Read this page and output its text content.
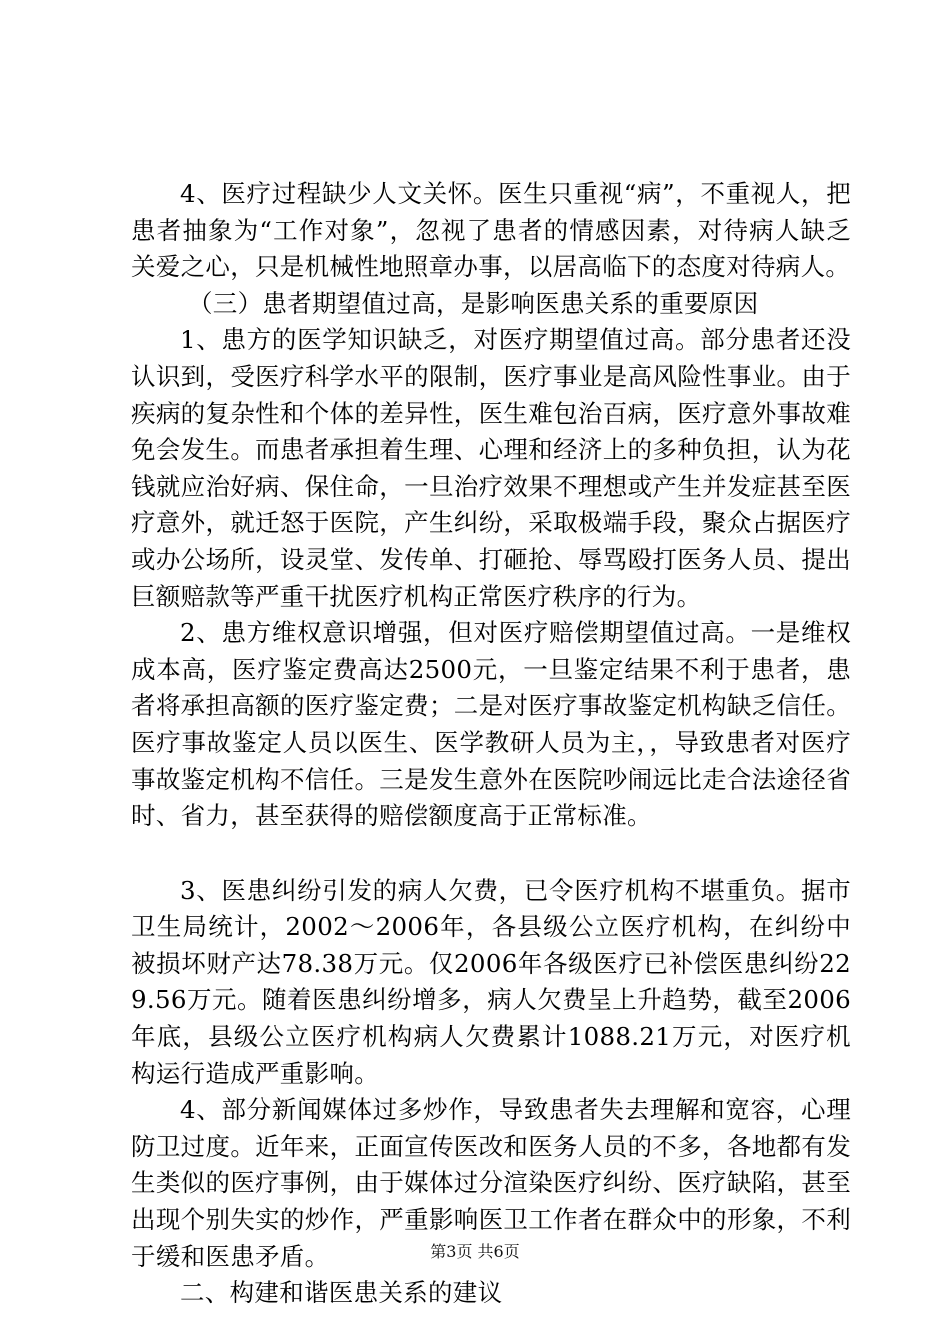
4、医疗过程缺少人文关怀。医生只重视“病”，不重视人，把患者抽象为“工作对象”，忽视了患者的情感因素，对待病人缺乏关爱之心，只是机械性地照章办事，以居高临下的态度对待病人。

（三）患者期望值过高，是影响医患关系的重要原因

1、患方的医学知识缺乏，对医疗期望值过高。部分患者还没认识到，受医疗科学水平的限制，医疗事业是高风险性事业。由于疾病的复杂性和个体的差异性，医生难包治百病，医疗意外事故难免会发生。而患者承担着生理、心理和经济上的多种负担，认为花钱就应治好病、保住命，一旦治疗效果不理想或产生并发症甚至医疗意外，就迁怒于医院，产生纠纷，采取极端手段，聚众占据医疗或办公场所，设灵堂、发传单、打砸抢、辱骂殴打医务人员、提出巨额赔款等严重干扰医疗机构正常医疗秩序的行为。

2、患方维权意识增强，但对医疗赔偿期望值过高。一是维权成本高，医疗鉴定费高达2500元，一旦鉴定结果不利于患者，患者将承担高额的医疗鉴定费；二是对医疗事故鉴定机构缺乏信任。医疗事故鉴定人员以医生、医学教研人员为主，，导致患者对医疗事故鉴定机构不信任。三是发生意外在医院吵闹远比走合法途径省时、省力，甚至获得的赔偿额度高于正常标准。

3、医患纠纷引发的病人欠费，已令医疗机构不堪重负。据市卫生局统计，2002～2006年，各县级公立医疗机构，在纠纷中被损坏财产达78.38万元。仅2006年各级医疗已补偿医患纠纷229.56万元。随着医患纠纷增多，病人欠费呈上升趋势，截至2006年底，县级公立医疗机构病人欠费累计1088.21万元，对医疗机构运行造成严重影响。

4、部分新闻媒体过多炒作，导致患者失去理解和宽容，心理防卫过度。近年来，正面宣传医改和医务人员的不多，各地都有发生类似的医疗事例，由于媒体过分渲染医疗纠纷、医疗缺陷，甚至出现个别失实的炒作，严重影响医卫工作者在群众中的形象，不利于缓和医患矛盾。

二、构建和谐医患关系的建议

第3页 共6页
